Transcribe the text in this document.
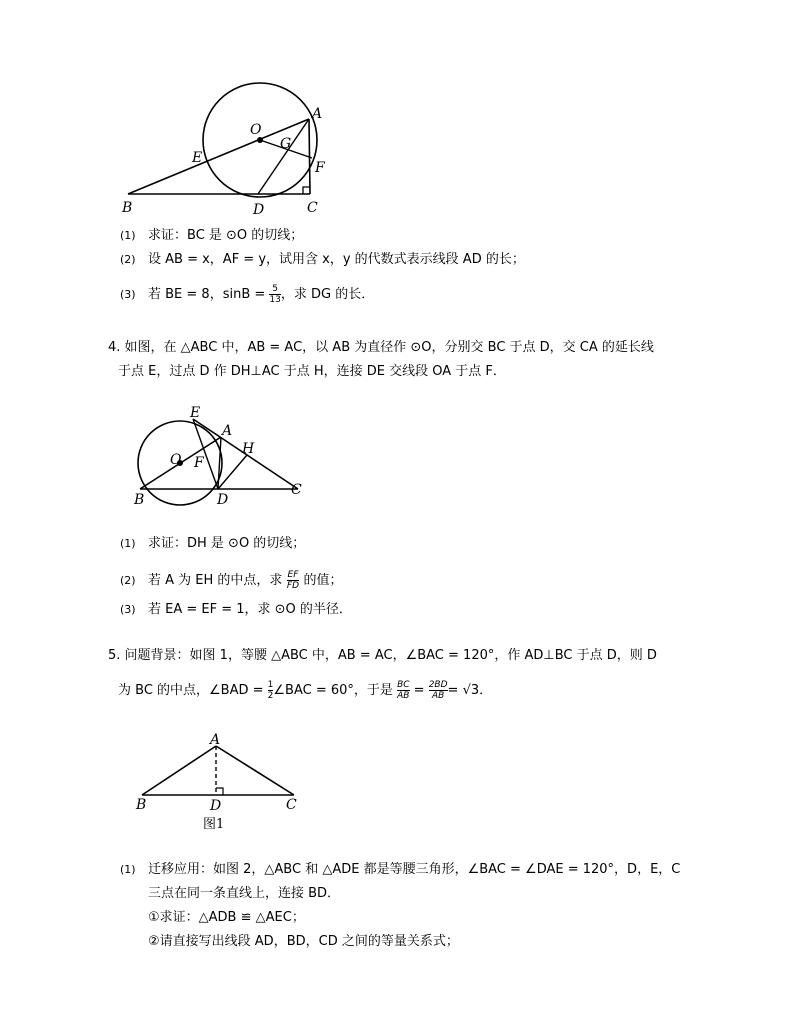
A
O
G
E
F
B	D	C
(1) 求证：BC 是 ⊙O 的切线；
(2) 设 AB = x，AF = y，试用含 x，y 的代数式表示线段 AD 的长；
(3) 若 BE = 8，$\sin B = \frac{5}{13}$ ，求 DG 的长．
4. 如图，在 △ABC 中，AB = AC，以 AB 为直径作 ⊙O，分别交 BC 于点 D，交 CA 的延长线
于点 E，过点 D 作 DH⊥AC 于点 H，连接 DE 交线段 OA 于点 F．
E
A
H
O F
B	D
C
(1) 求证：DH 是 ⊙O 的切线；
(2) 若 A 为 EH 的中点，求 $\frac{EF}{FD}$ 的值；
(3) 若 EA = EF = 1，求 ⊙O 的半径．
5. 问题背景：如图 1，等腰 △ABC 中，AB = AC，∠BAC = 120°，作 AD⊥BC 于点 D，则 D
为 BC 的中点，∠BAD = $\frac{1}{2}$ ∠BAC = 60°，于是 $\frac{BC}{AB} = \frac{2BD}{AB} = √3$．
A
B	D	C
图1
(1) 迁移应用：如图 2，△ABC 和 △ADE 都是等腰三角形，∠BAC = ∠DAE = 120°，D，E，C
三点在同一条直线上，连接 BD．
①求证：△ADB ≌ △AEC；
②请直接写出线段 AD，BD，CD 之间的等量关系式；
